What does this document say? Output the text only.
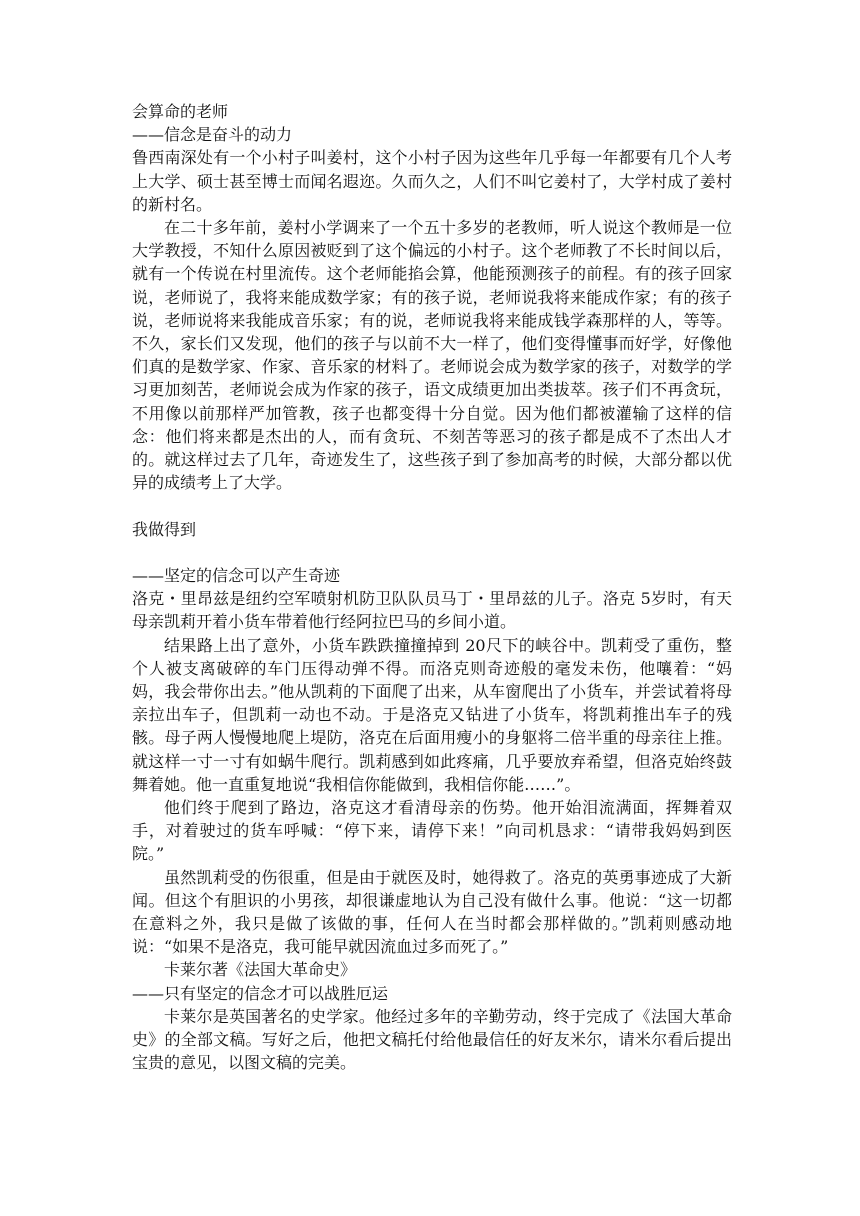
会算命的老师

——信念是奋斗的动力

鲁西南深处有一个小村子叫姜村，这个小村子因为这些年几乎每一年都要有几个人考上大学、硕士甚至博士而闻名遐迩。久而久之，人们不叫它姜村了，大学村成了姜村的新村名。

在二十多年前，姜村小学调来了一个五十多岁的老教师，听人说这个教师是一位大学教授，不知什么原因被贬到了这个偏远的小村子。这个老师教了不长时间以后，就有一个传说在村里流传。这个老师能掐会算，他能预测孩子的前程。有的孩子回家说，老师说了，我将来能成数学家；有的孩子说，老师说我将来能成作家；有的孩子说，老师说将来我能成音乐家；有的说，老师说我将来能成钱学森那样的人，等等。不久，家长们又发现，他们的孩子与以前不大一样了，他们变得懂事而好学，好像他们真的是数学家、作家、音乐家的材料了。老师说会成为数学家的孩子，对数学的学习更加刻苦，老师说会成为作家的孩子，语文成绩更加出类拔萃。孩子们不再贪玩，不用像以前那样严加管教，孩子也都变得十分自觉。因为他们都被灌输了这样的信念：他们将来都是杰出的人，而有贪玩、不刻苦等恶习的孩子都是成不了杰出人才的。就这样过去了几年，奇迹发生了，这些孩子到了参加高考的时候，大部分都以优异的成绩考上了大学。

我做得到

——坚定的信念可以产生奇迹

洛克・里昂兹是纽约空军喷射机防卫队队员马丁・里昂兹的儿子。洛克 5岁时，有天母亲凯莉开着小货车带着他行经阿拉巴马的乡间小道。

结果路上出了意外，小货车跌跌撞撞掉到 20尺下的峡谷中。凯莉受了重伤，整个人被支离破碎的车门压得动弹不得。而洛克则奇迹般的毫发未伤，他嚷着：“妈妈，我会带你出去。”他从凯莉的下面爬了出来，从车窗爬出了小货车，并尝试着将母亲拉出车子，但凯莉一动也不动。于是洛克又钻进了小货车，将凯莉推出车子的残骸。母子两人慢慢地爬上堤防，洛克在后面用瘦小的身躯将二倍半重的母亲往上推。就这样一寸一寸有如蜗牛爬行。凯莉感到如此疼痛，几乎要放弃希望，但洛克始终鼓舞着她。他一直重复地说“我相信你能做到，我相信你能……”。

他们终于爬到了路边，洛克这才看清母亲的伤势。他开始泪流满面，挥舞着双手，对着驶过的货车呼喊：“停下来，请停下来！”向司机恳求：“请带我妈妈到医院。”

虽然凯莉受的伤很重，但是由于就医及时，她得救了。洛克的英勇事迹成了大新闻。但这个有胆识的小男孩，却很谦虚地认为自己没有做什么事。他说：“这一切都在意料之外，我只是做了该做的事，任何人在当时都会那样做的。”凯莉则感动地说：“如果不是洛克，我可能早就因流血过多而死了。”

卡莱尔著《法国大革命史》

——只有坚定的信念才可以战胜厄运

卡莱尔是英国著名的史学家。他经过多年的辛勤劳动，终于完成了《法国大革命史》的全部文稿。写好之后，他把文稿托付给他最信任的好友米尔，请米尔看后提出宝贵的意见，以图文稿的完美。
